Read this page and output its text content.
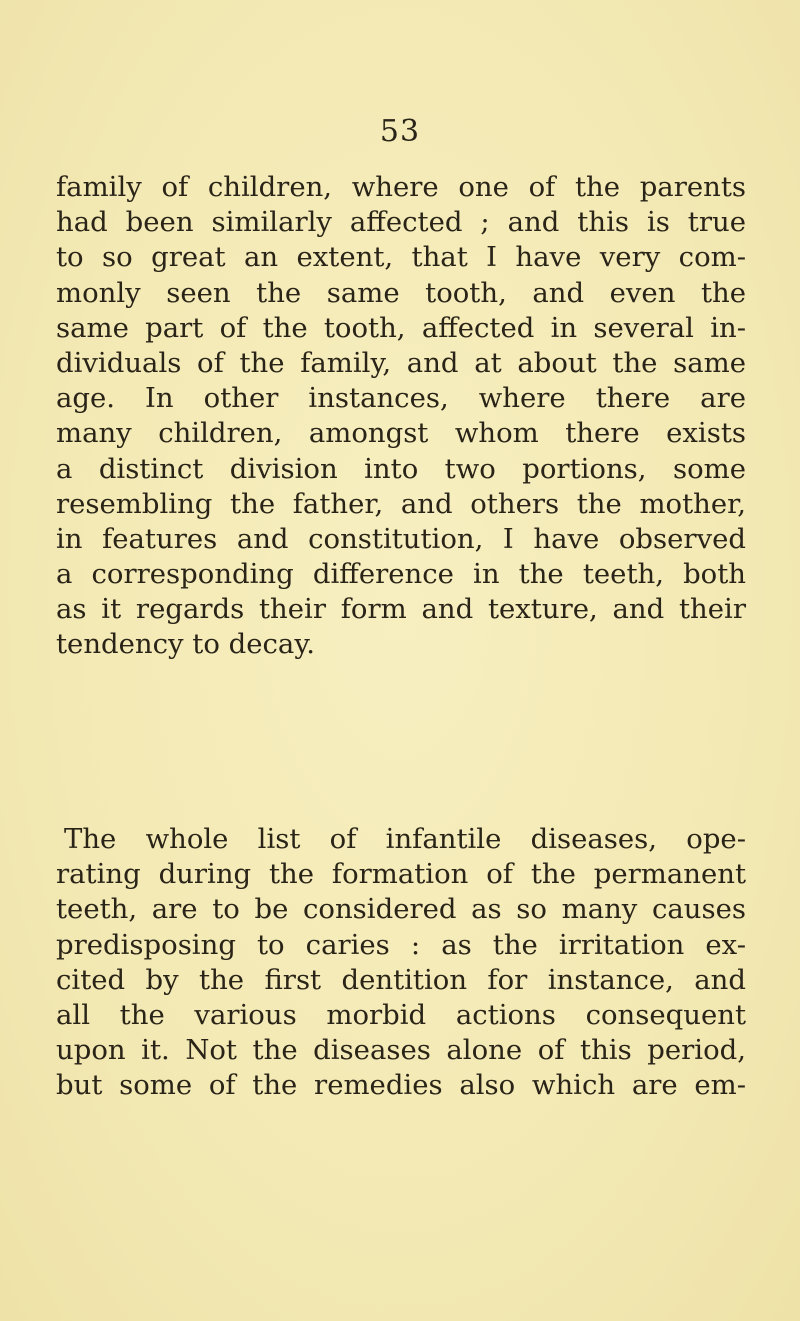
53
family of children, where one of the parents
had been similarly affected ; and this is true
to so great an extent, that I have very com-
monly seen the same tooth, and even the
same part of the tooth, affected in several in-
dividuals of the family, and at about the same
age. In other instances, where there are
many children, amongst whom there exists
a distinct division into two portions, some
resembling the father, and others the mother,
in features and constitution, I have observed
a corresponding difference in the teeth, both
as it regards their form and texture, and their
tendency to decay.
The whole list of infantile diseases, ope-
rating during the formation of the permanent
teeth, are to be considered as so many causes
predisposing to caries : as the irritation ex-
cited by the first dentition for instance, and
all the various morbid actions consequent
upon it. Not the diseases alone of this period,
but some of the remedies also which are em-
